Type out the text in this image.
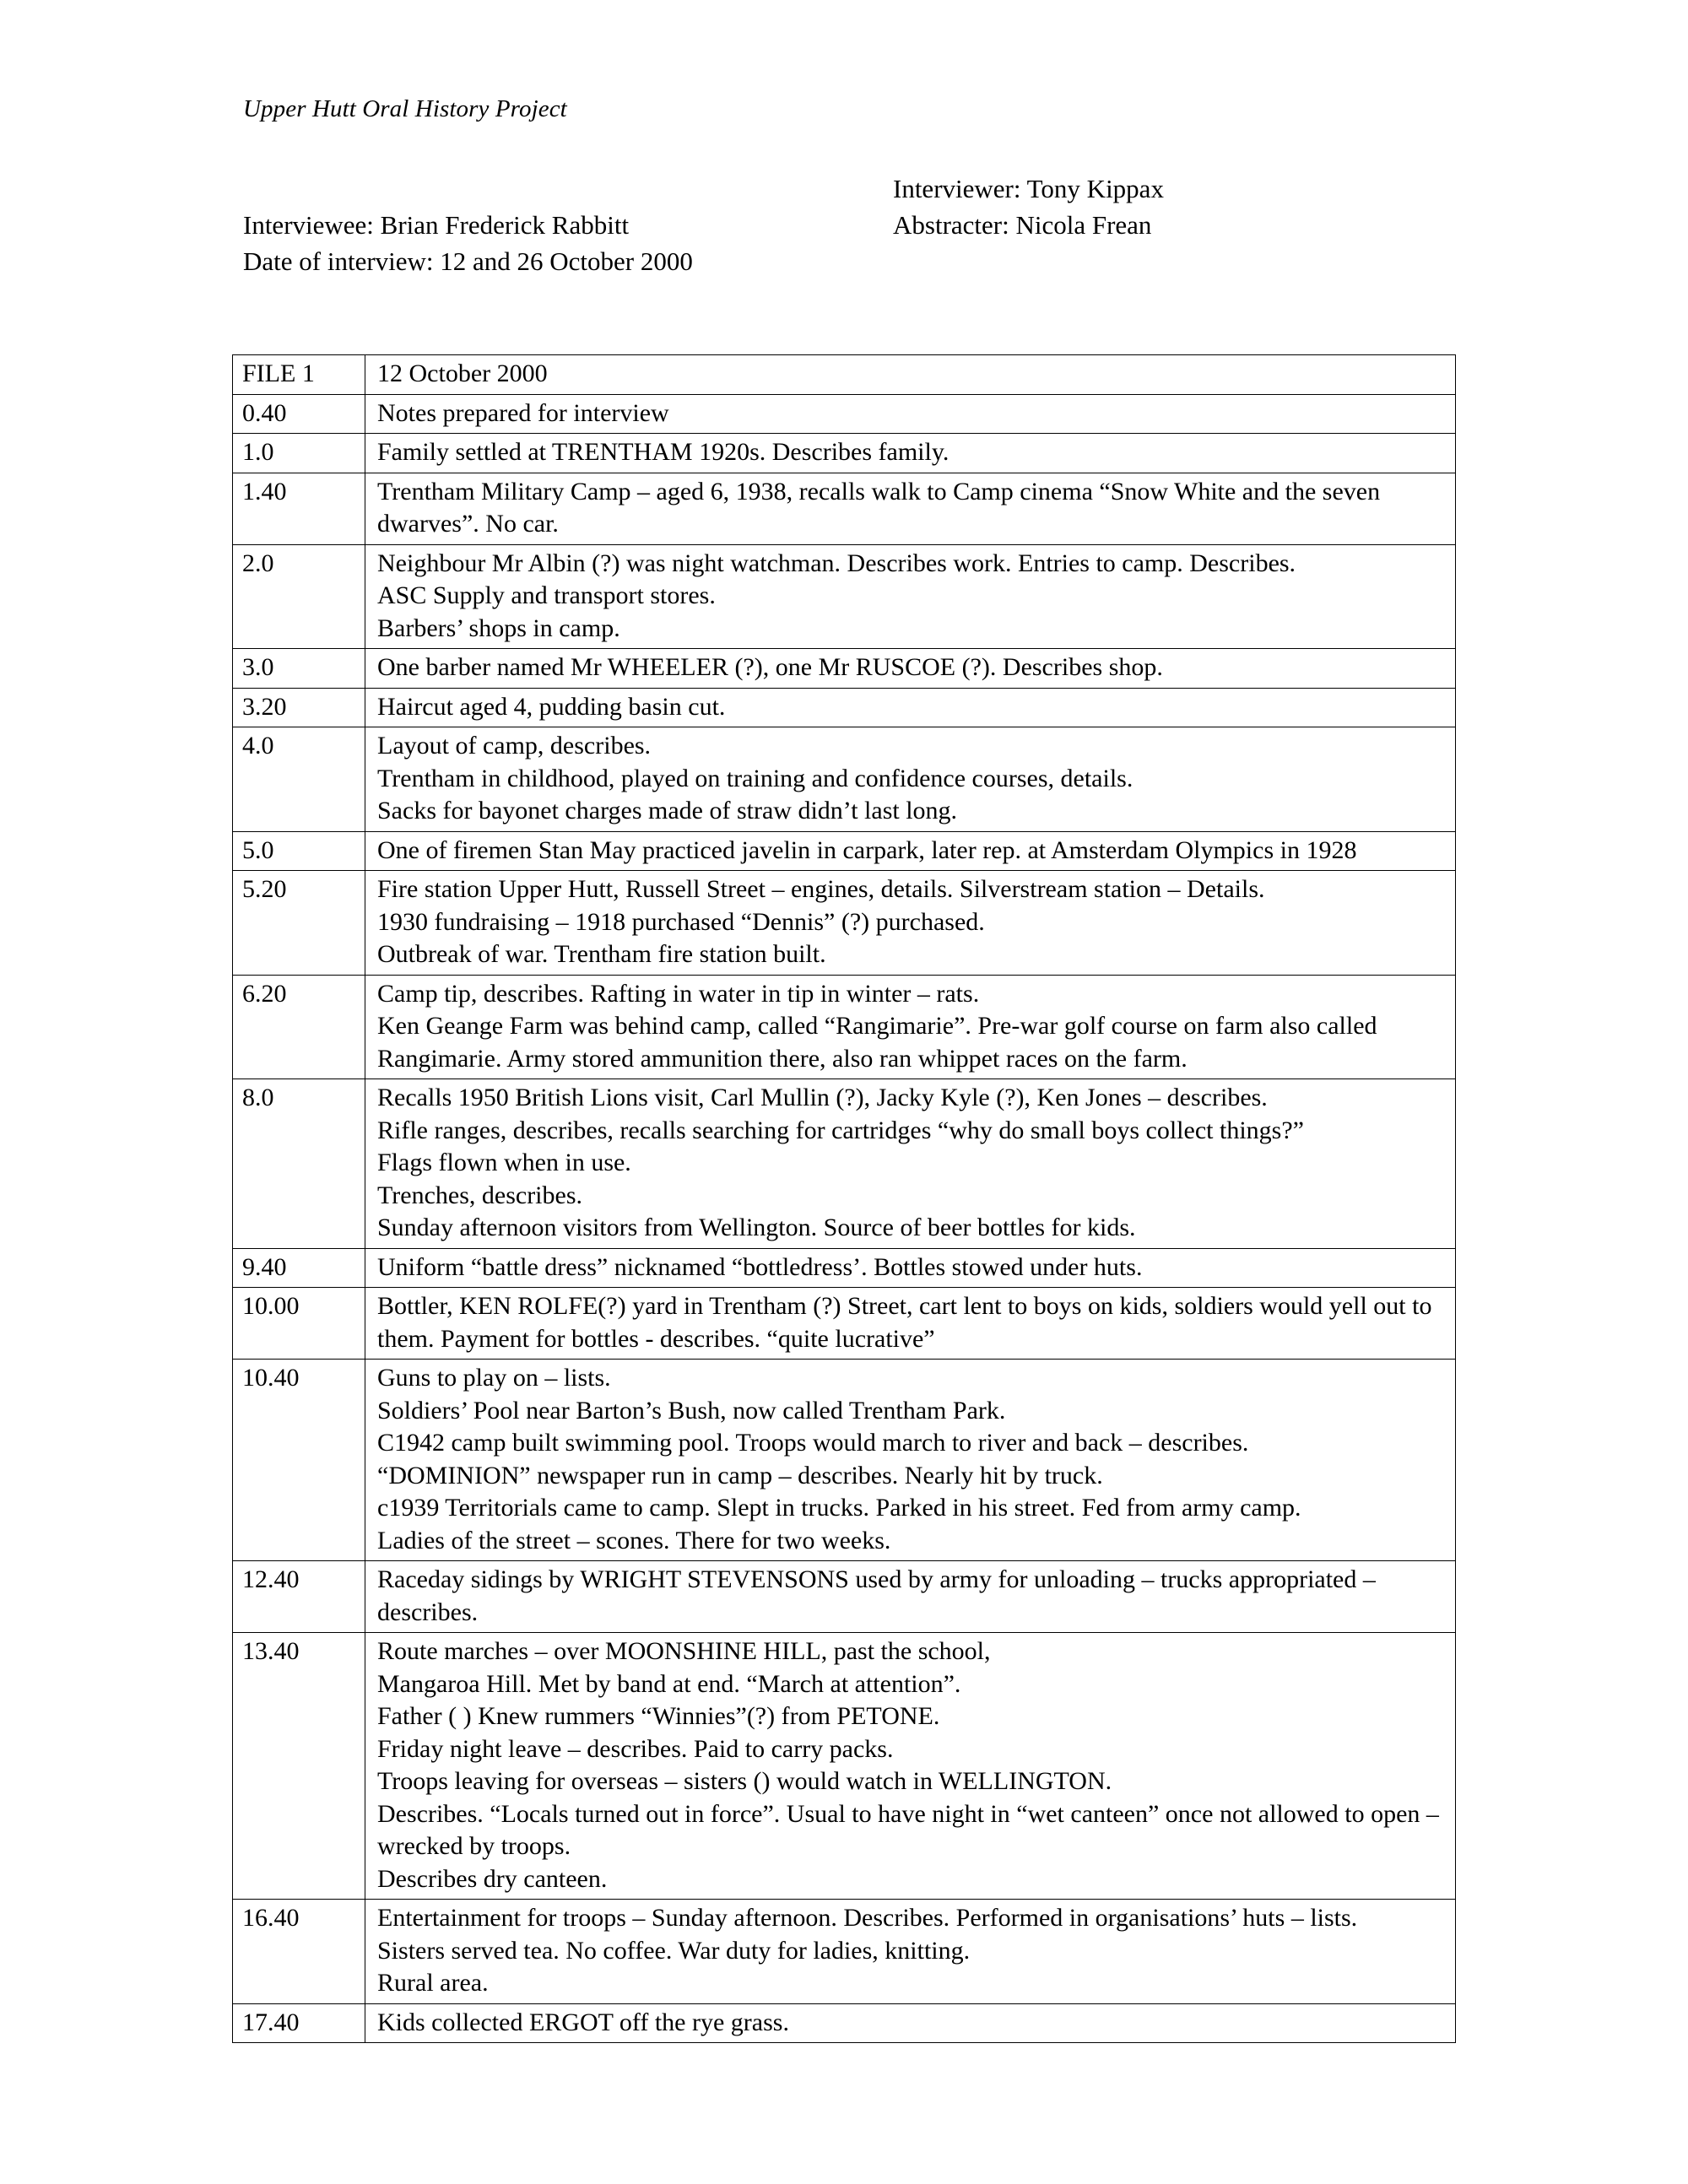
Upper Hutt Oral History Project
Interviewer: Tony Kippax
Interviewee: Brian Frederick Rabbitt	Abstracter: Nicola Frean
Date of interview: 12 and 26 October 2000
FILE 1	12 October 2000

0.40	Notes prepared for interview

1.0	Family settled at TRENTHAM 1920s. Describes family.

1.40	Trentham Military Camp – aged 6, 1938, recalls walk to Camp cinema “Snow White and the seven dwarves”. No car.

2.0	Neighbour Mr Albin (?) was night watchman. Describes work. Entries to camp. Describes.
ASC Supply and transport stores.
Barbers’ shops in camp.

3.0	One barber named Mr WHEELER (?), one Mr RUSCOE (?). Describes shop.

3.20	Haircut aged 4, pudding basin cut.

4.0	Layout of camp, describes.
Trentham in childhood, played on training and confidence courses, details.
Sacks for bayonet charges made of straw didn’t last long.

5.0	One of firemen Stan May practiced javelin in carpark, later rep. at Amsterdam Olympics in 1928

5.20	Fire station Upper Hutt, Russell Street – engines, details. Silverstream station – Details.
1930 fundraising – 1918 purchased “Dennis” (?) purchased.
Outbreak of war. Trentham fire station built.

6.20	Camp tip, describes. Rafting in water in tip in winter – rats.
Ken Geange Farm was behind camp, called “Rangimarie”. Pre-war golf course on farm also called Rangimarie. Army stored ammunition there, also ran whippet races on the farm.

8.0	Recalls 1950 British Lions visit, Carl Mullin (?), Jacky Kyle (?), Ken Jones – describes.
Rifle ranges, describes, recalls searching for cartridges “why do small boys collect things?”
Flags flown when in use.
Trenches, describes.
Sunday afternoon visitors from Wellington. Source of beer bottles for kids.

9.40	Uniform “battle dress” nicknamed “bottledress’. Bottles stowed under huts.

10.00	Bottler, KEN ROLFE(?) yard in Trentham (?) Street, cart lent to boys on kids, soldiers would yell out to them. Payment for bottles - describes. “quite lucrative”

10.40	Guns to play on – lists.
Soldiers’ Pool near Barton’s Bush, now called Trentham Park.
C1942 camp built swimming pool. Troops would march to river and back – describes.
“DOMINION” newspaper run in camp – describes. Nearly hit by truck.
c1939 Territorials came to camp. Slept in trucks. Parked in his street. Fed from army camp.
Ladies of the street – scones. There for two weeks.

12.40	Raceday sidings by WRIGHT STEVENSONS used by army for unloading – trucks appropriated – describes.

13.40	Route marches – over MOONSHINE HILL, past the school,
Mangaroa Hill. Met by band at end. “March at attention”.
Father ( ) Knew rummers “Winnies”(?) from PETONE.
Friday night leave – describes. Paid to carry packs.
Troops leaving for overseas – sisters () would watch in WELLINGTON.
Describes. “Locals turned out in force”. Usual to have night in “wet canteen” once not allowed to open – wrecked by troops.
Describes dry canteen.

16.40	Entertainment for troops – Sunday afternoon. Describes. Performed in organisations’ huts – lists.
Sisters served tea. No coffee. War duty for ladies, knitting.
Rural area.

17.40	Kids collected ERGOT off the rye grass.
